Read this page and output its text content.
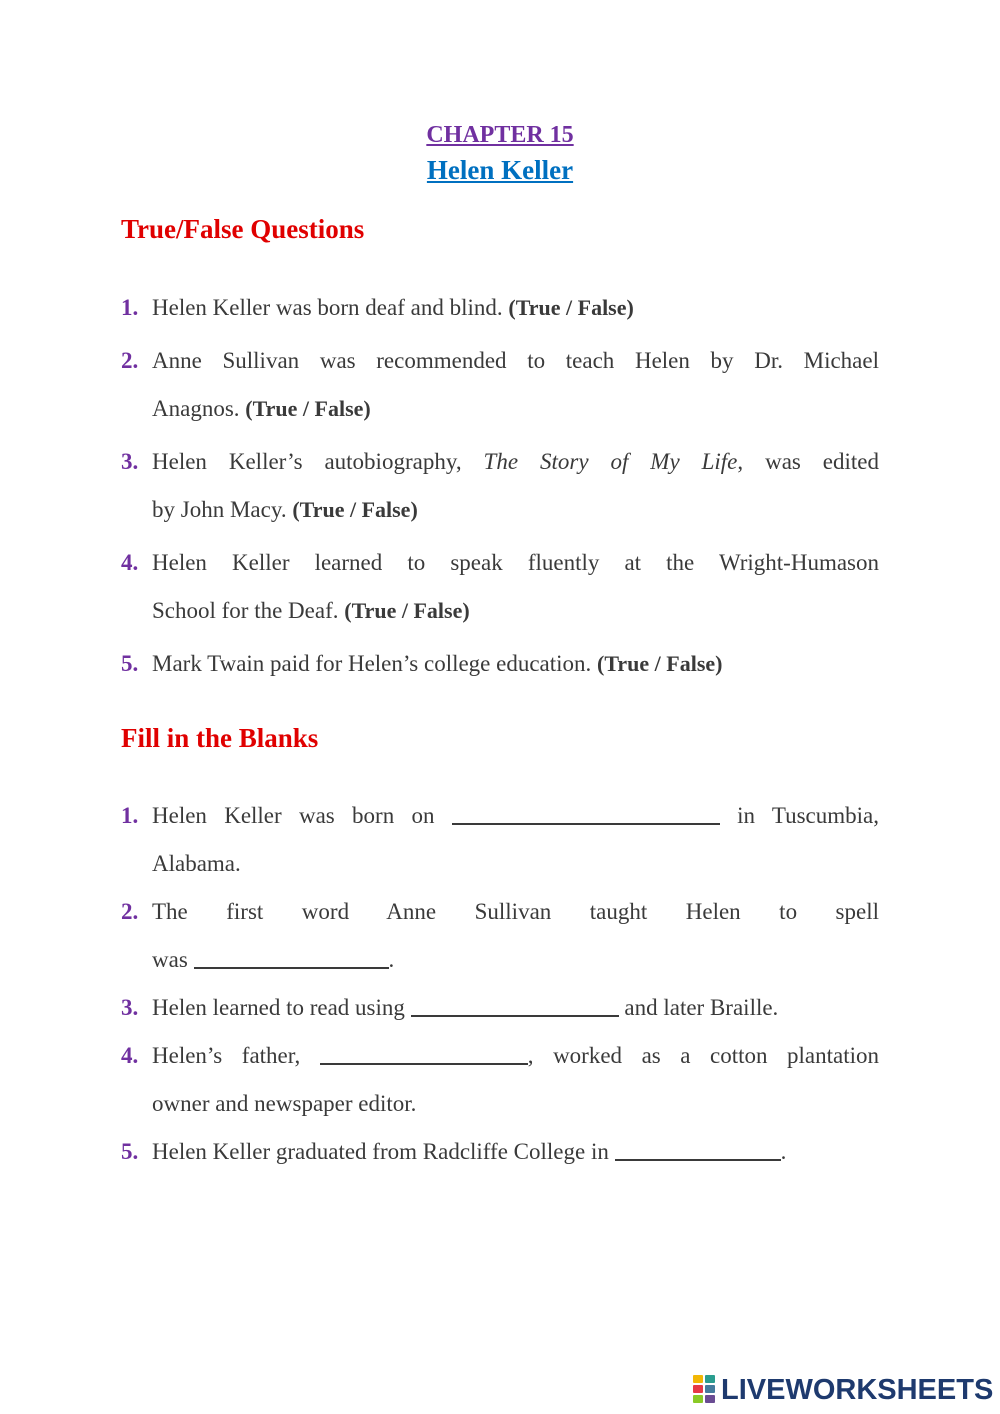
CHAPTER 15
Helen Keller
True/False Questions
1. Helen Keller was born deaf and blind. (True / False)
2. Anne Sullivan was recommended to teach Helen by Dr. Michael
Anagnos. (True / False)
3. Helen Keller’s autobiography, The Story of My Life, was edited
by John Macy. (True / False)
4. Helen Keller learned to speak fluently at the Wright-Humason
School for the Deaf. (True / False)
5. Mark Twain paid for Helen’s college education. (True / False)
Fill in the Blanks
1. Helen Keller was born on	in Tuscumbia,
Alabama.
2. The first word Anne Sullivan taught Helen to spell
was	.
3. Helen learned to read using	and later Braille.
4. Helen’s father,	, worked as a cotton plantation
owner and newspaper editor.
5. Helen Keller graduated from Radcliffe College in	.
LIVEWORKSHEETS
